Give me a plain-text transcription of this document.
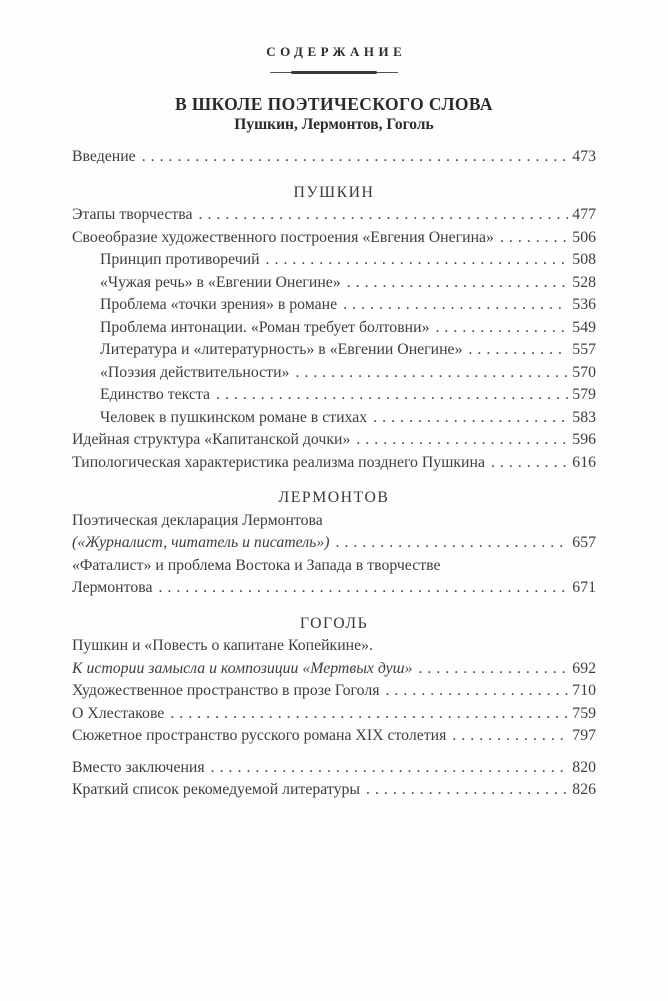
СОДЕРЖАНИЕ
В ШКОЛЕ ПОЭТИЧЕСКОГО СЛОВА
Пушкин, Лермонтов, Гоголь
Введение .....	473
ПУШКИН
Этапы творчества .....	477
Своеобразие художественного построения «Евгения Онегина» .....	506
Принцип противоречий .....	508
«Чужая речь» в «Евгении Онегине» .....	528
Проблема «точки зрения» в романе .....	536
Проблема интонации. «Роман требует болтовни» .....	549
Литература и «литературность» в «Евгении Онегине» .....	557
«Поэзия действительности» .....	570
Единство текста .....	579
Человек в пушкинском романе в стихах .....	583
Идейная структура «Капитанской дочки» .....	596
Типологическая характеристика реализма позднего Пушкина .....	616
ЛЕРМОНТОВ
Поэтическая декларация Лермонтова
(«Журналист, читатель и писатель») .....	657
«Фаталист» и проблема Востока и Запада в творчестве
Лермонтова .....	671
ГОГОЛЬ
Пушкин и «Повесть о капитане Копейкине».
К истории замысла и композиции «Мертвых душ» .....	692
Художественное пространство в прозе Гоголя .....	710
О Хлестакове .....	759
Сюжетное пространство русского романа XIX столетия .....	797
Вместо заключения .....	820
Краткий список рекомедуемой литературы .....	826
